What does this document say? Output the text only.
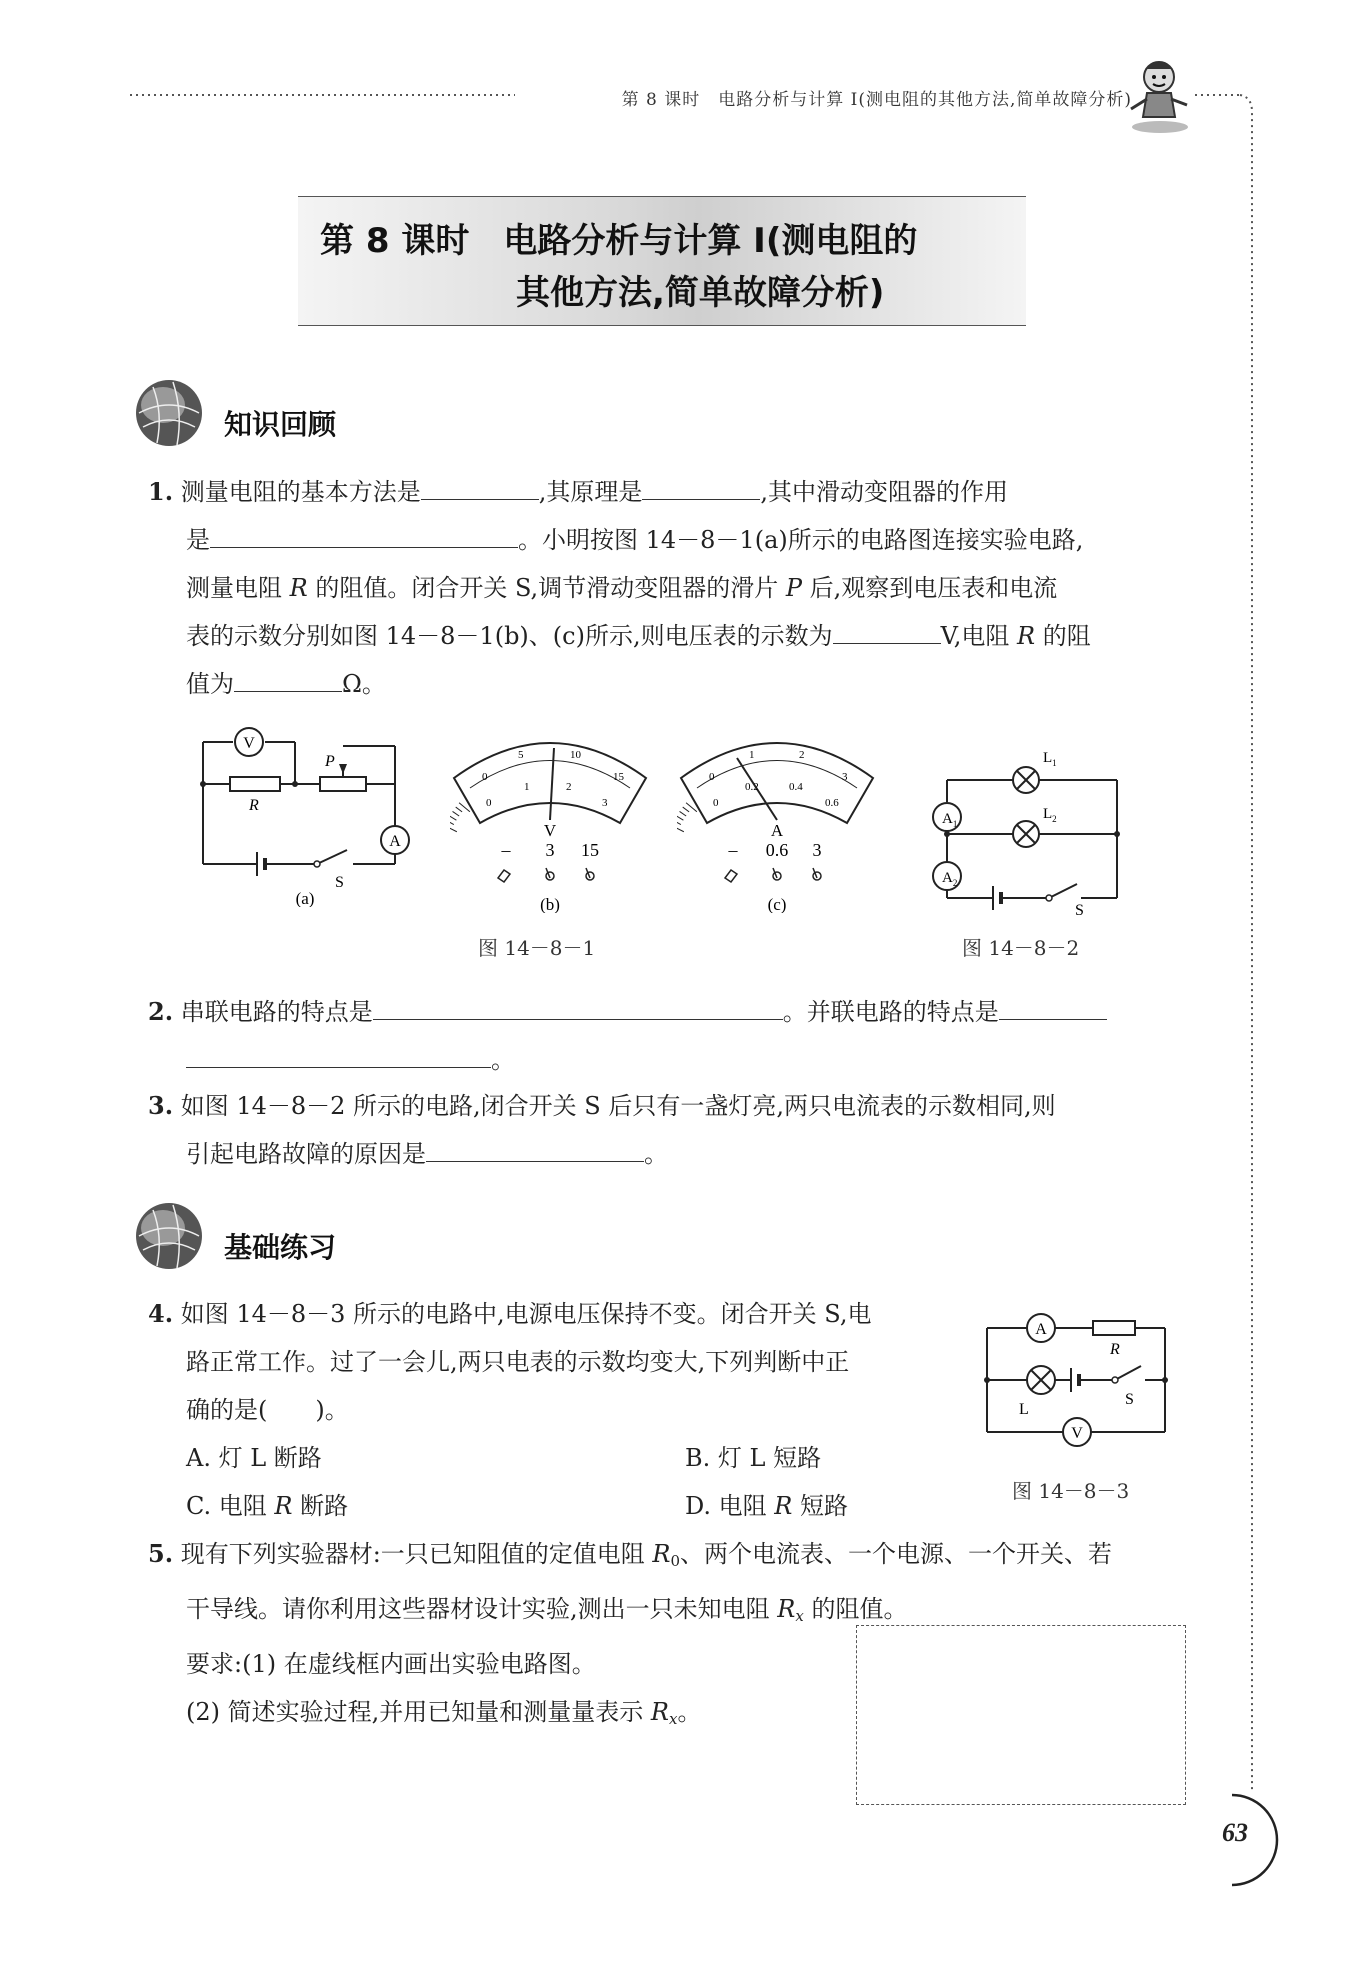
第 8 课时　电路分析与计算 Ⅰ(测电阻的其他方法,简单故障分析)
第 8 课时　电路分析与计算 Ⅰ(测电阻的
其他方法,简单故障分析)
知识回顾
1. 测量电阻的基本方法是	,其原理是	,其中滑动变阻器的作用
是	。小明按图 14－8－1(a)所示的电路图连接实验电路,
测量电阻 R 的阻值。闭合开关 S,调节滑动变阻器的滑片 P 后,观察到电压表和电流
表的示数分别如图 14－8－1(b)、(c)所示,则电压表的示数为	V,电阻 R 的阻
值为	Ω。
V
A
R
P
S
(a)
0
5	10
15
0
1	2
3
V
– 3 15
(b)
0
1	2
3
0
0.2	0.4
0.6
A
– 0.6 3
(c)
图 14－8－1
$A_1$
$A_2$
$L_1$
$L_2$
S
图 14－8－2
2. 串联电路的特点是	。并联电路的特点是
。
3. 如图 14－8－2 所示的电路,闭合开关 S 后只有一盏灯亮,两只电流表的示数相同,则
引起电路故障的原因是	。
基础练习
4. 如图 14－8－3 所示的电路中,电源电压保持不变。闭合开关 S,电
路正常工作。过了一会儿,两只电表的示数均变大,下列判断中正
确的是(　　)。
A. 灯 L 断路	B. 灯 L 短路
C. 电阻 R 断路	D. 电阻 R 短路
A
R
L
S
V
图 14－8－3
5. 现有下列实验器材:一只已知阻值的定值电阻 $R_0$、两个电流表、一个电源、一个开关、若
干导线。请你利用这些器材设计实验,测出一只未知电阻 $R_x$ 的阻值。
要求:(1) 在虚线框内画出实验电路图。
(2) 简述实验过程,并用已知量和测量量表示 $R_x$。
63
